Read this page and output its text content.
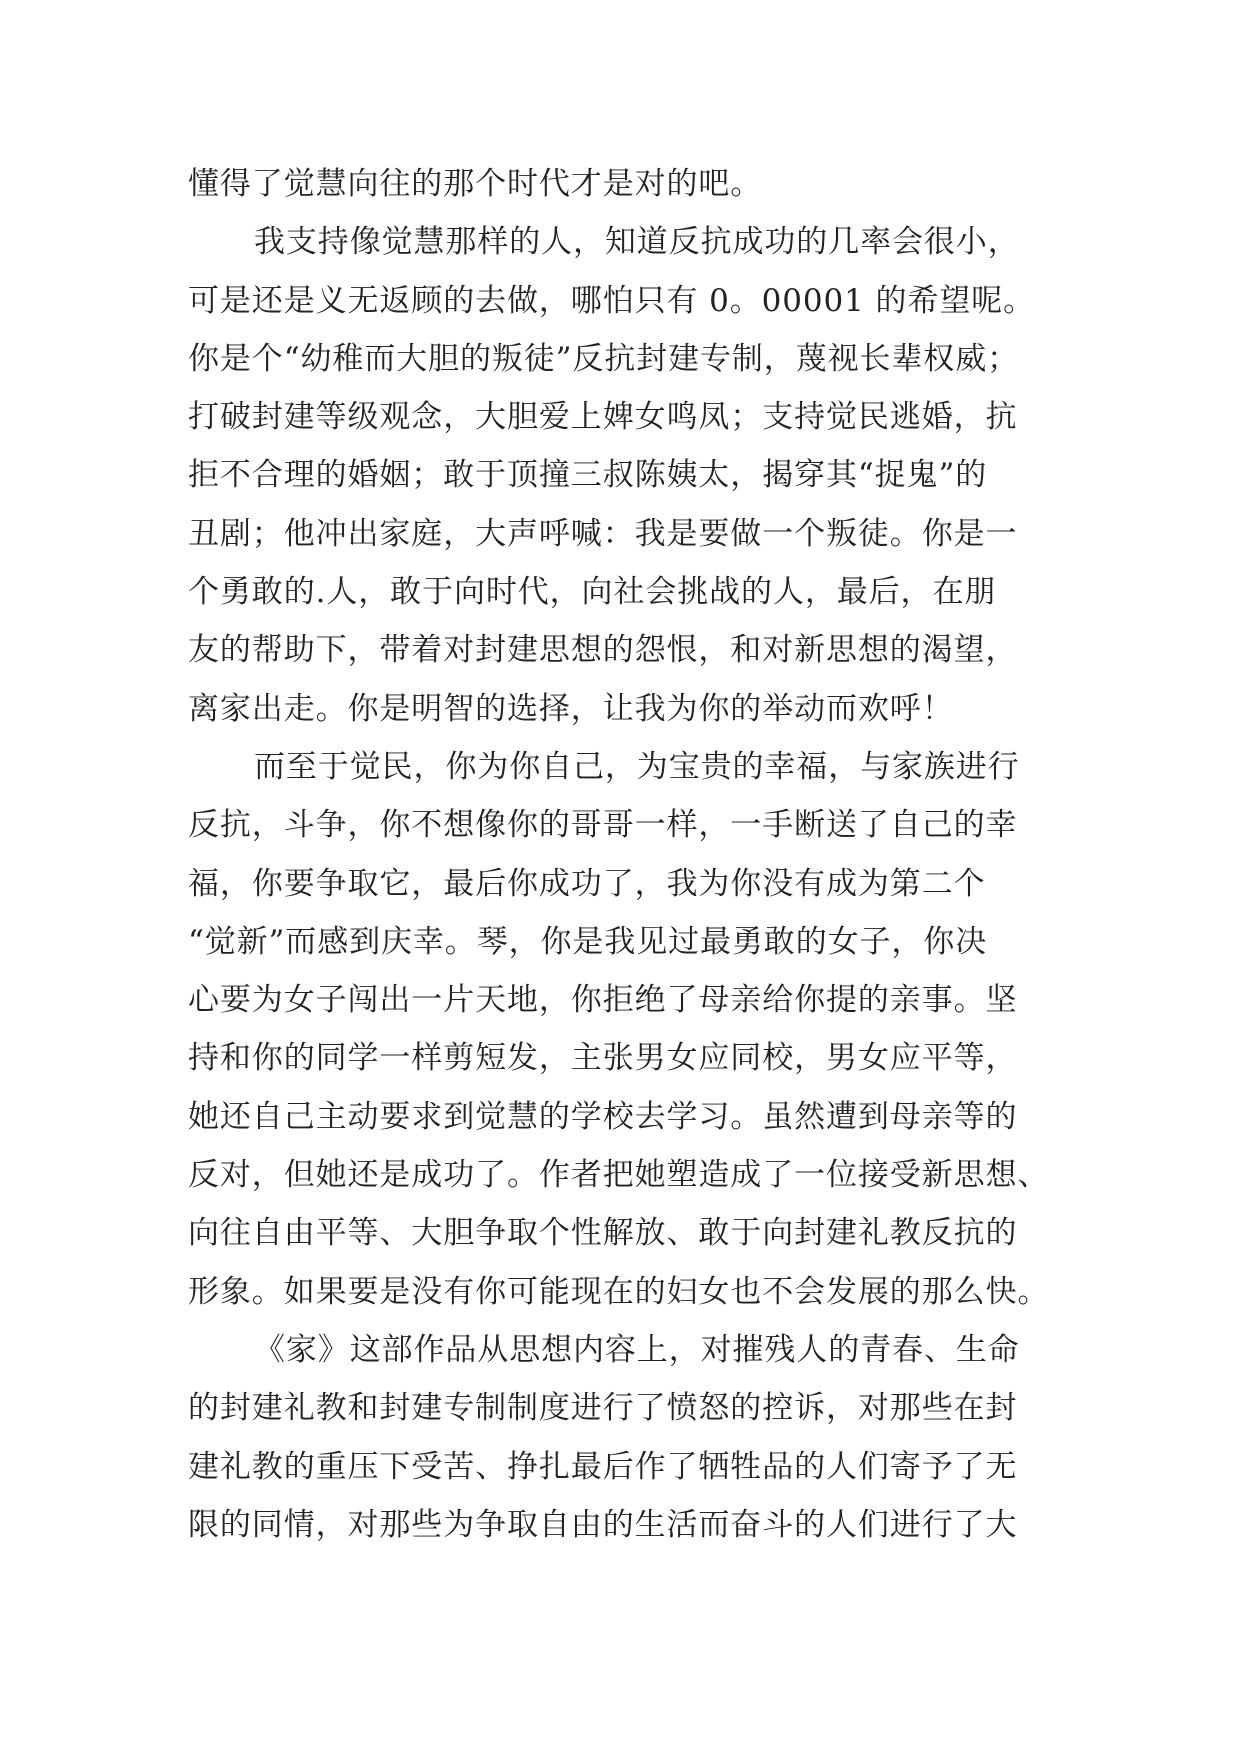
懂得了觉慧向往的那个时代才是对的吧。
我支持像觉慧那样的人，知道反抗成功的几率会很小，
可是还是义无返顾的去做，哪怕只有 0。00001 的希望呢。
你是个“幼稚而大胆的叛徒”反抗封建专制，蔑视长辈权威；
打破封建等级观念，大胆爱上婢女鸣凤；支持觉民逃婚，抗
拒不合理的婚姻；敢于顶撞三叔陈姨太，揭穿其“捉鬼”的
丑剧；他冲出家庭，大声呼喊：我是要做一个叛徒。你是一
个勇敢的.人，敢于向时代，向社会挑战的人，最后，在朋
友的帮助下，带着对封建思想的怨恨，和对新思想的渴望，
离家出走。你是明智的选择，让我为你的举动而欢呼！
而至于觉民，你为你自己，为宝贵的幸福，与家族进行
反抗，斗争，你不想像你的哥哥一样，一手断送了自己的幸
福，你要争取它，最后你成功了，我为你没有成为第二个
“觉新”而感到庆幸。琴，你是我见过最勇敢的女子，你决
心要为女子闯出一片天地，你拒绝了母亲给你提的亲事。坚
持和你的同学一样剪短发，主张男女应同校，男女应平等，
她还自己主动要求到觉慧的学校去学习。虽然遭到母亲等的
反对，但她还是成功了。作者把她塑造成了一位接受新思想、
向往自由平等、大胆争取个性解放、敢于向封建礼教反抗的
形象。如果要是没有你可能现在的妇女也不会发展的那么快。
《家》这部作品从思想内容上，对摧残人的青春、生命
的封建礼教和封建专制制度进行了愤怒的控诉，对那些在封
建礼教的重压下受苦、挣扎最后作了牺牲品的人们寄予了无
限的同情，对那些为争取自由的生活而奋斗的人们进行了大
